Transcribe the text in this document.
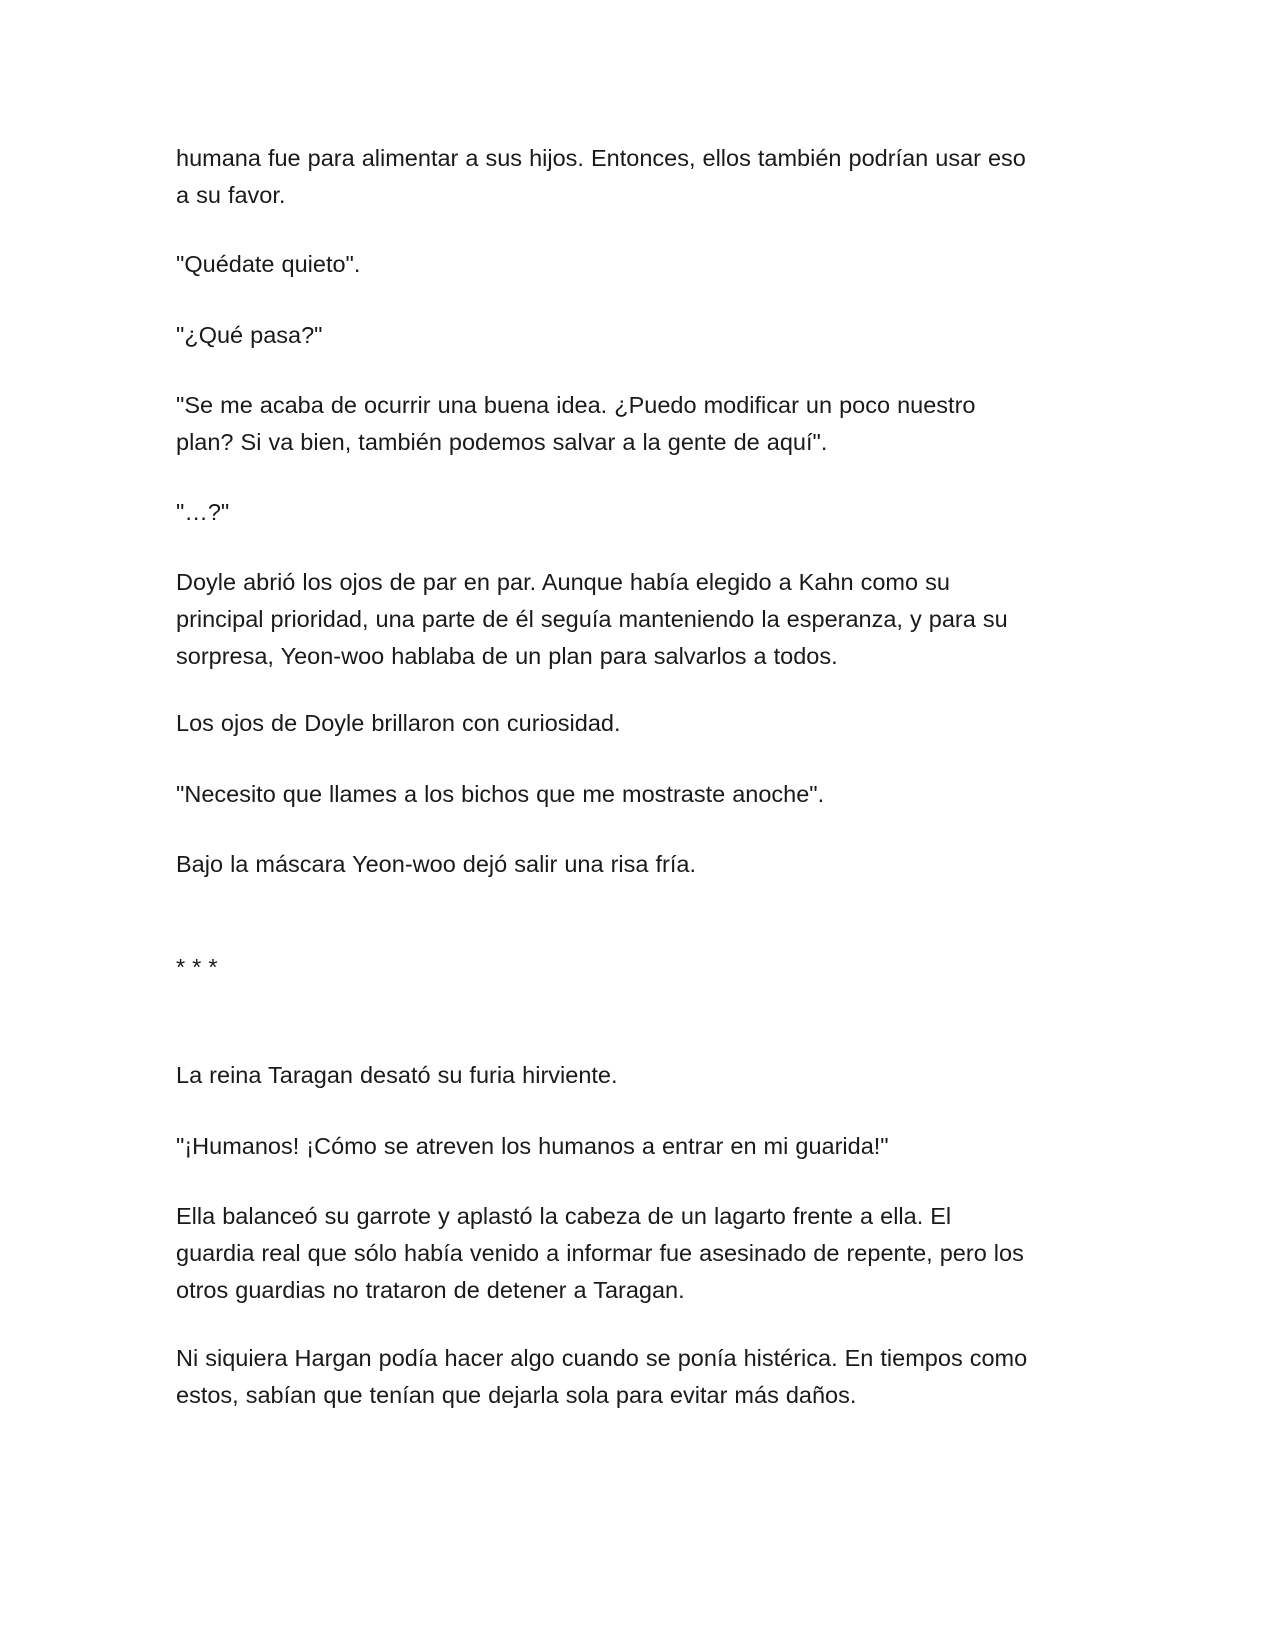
humana fue para alimentar a sus hijos. Entonces, ellos también podrían usar eso
a su favor.
"Quédate quieto".
"¿Qué pasa?"
"Se me acaba de ocurrir una buena idea. ¿Puedo modificar un poco nuestro
plan? Si va bien, también podemos salvar a la gente de aquí".
"…?"
Doyle abrió los ojos de par en par. Aunque había elegido a Kahn como su
principal prioridad, una parte de él seguía manteniendo la esperanza, y para su
sorpresa, Yeon-woo hablaba de un plan para salvarlos a todos.
Los ojos de Doyle brillaron con curiosidad.
"Necesito que llames a los bichos que me mostraste anoche".
Bajo la máscara Yeon-woo dejó salir una risa fría.
* * *
La reina Taragan desató su furia hirviente.
"¡Humanos! ¡Cómo se atreven los humanos a entrar en mi guarida!"
Ella balanceó su garrote y aplastó la cabeza de un lagarto frente a ella. El
guardia real que sólo había venido a informar fue asesinado de repente, pero los
otros guardias no trataron de detener a Taragan.
Ni siquiera Hargan podía hacer algo cuando se ponía histérica. En tiempos como
estos, sabían que tenían que dejarla sola para evitar más daños.
